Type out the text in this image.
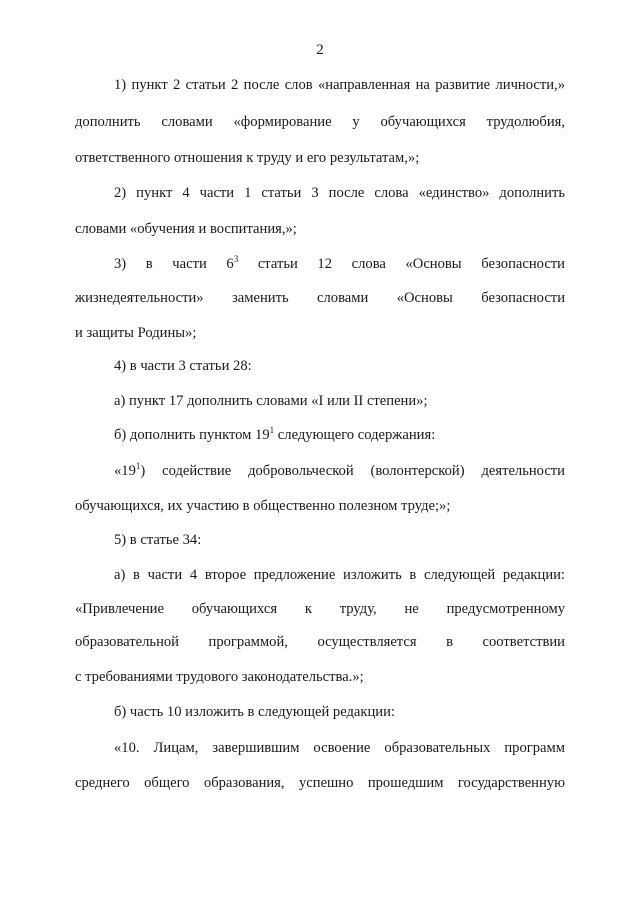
2
1) пункт 2 статьи 2 после слов «направленная на развитие личности,»
дополнить словами «формирование у обучающихся трудолюбия,
ответственного отношения к труду и его результатам,»;
2) пункт 4 части 1 статьи 3 после слова «единство» дополнить
словами «обучения и воспитания,»;
3) в части $6^3$ статьи 12 слова «Основы безопасности
жизнедеятельности» заменить словами «Основы безопасности
и защиты Родины»;
4) в части 3 статьи 28:
а) пункт 17 дополнить словами «I или II степени»;
б) дополнить пунктом $19^1$ следующего содержания:
«$19^1$) содействие добровольческой (волонтерской) деятельности
обучающихся, их участию в общественно полезном труде;»;
5) в статье 34:
а) в части 4 второе предложение изложить в следующей редакции:
«Привлечение обучающихся к труду, не предусмотренному
образовательной программой, осуществляется в соответствии
с требованиями трудового законодательства.»;
б) часть 10 изложить в следующей редакции:
«10. Лицам, завершившим освоение образовательных программ
среднего общего образования, успешно прошедшим государственную
